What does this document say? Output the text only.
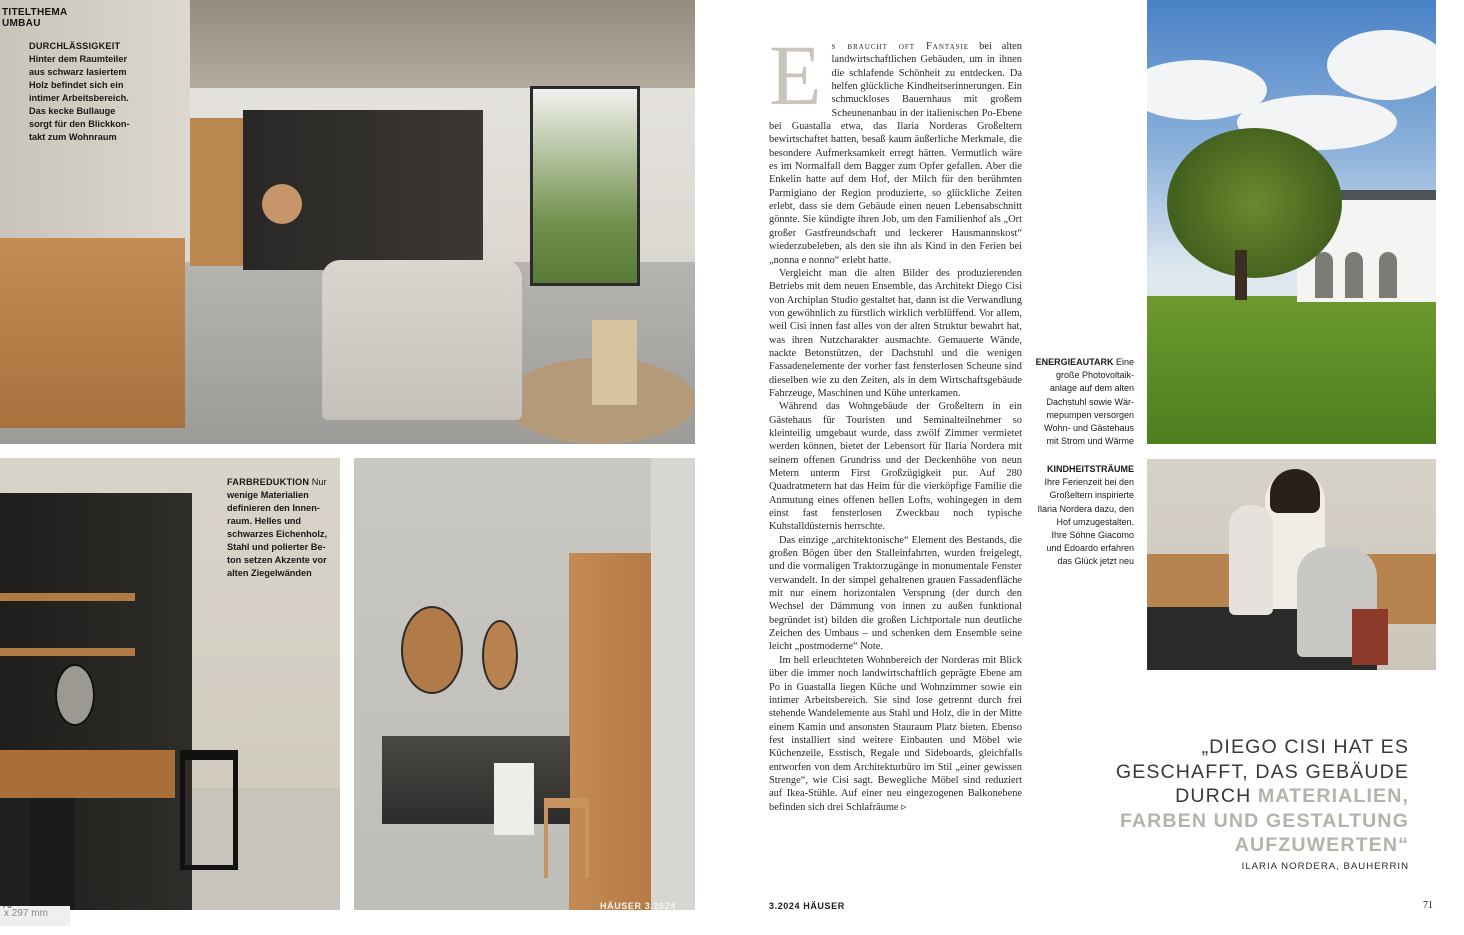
TITELTHEMA
UMBAU
DURCHLÄSSIGKEIT
Hinter dem Raumteiler
aus schwarz lasiertem
Holz befindet sich ein
intimer Arbeitsbereich.
Das kecke Bullauge
sorgt für den Blickkon-
takt zum Wohnraum
FARBREDUKTION Nur
wenige Materialien
definieren den Innen-
raum. Helles und
schwarzes Eichenholz,
Stahl und polierter Be-
ton setzen Akzente vor
alten Ziegelwänden
x 297 mm
70	HÄUSER 3.2024

Es braucht oft Fantasie bei alten landwirtschaftlichen Gebäuden, um in ihnen die schlafende Schönheit zu entdecken. Da helfen glückliche Kindheitserinnerungen. Ein schmuckloses Bauernhaus mit großem Scheunenanbau in der italienischen Po-Ebene bei Guastalla etwa, das Ilaria Norderas Großeltern bewirtschaftet hatten, besaß kaum äußerliche Merkmale, die besondere Aufmerksamkeit erregt hätten. Vermutlich wäre es im Normalfall dem Bagger zum Opfer gefallen. Aber die Enkelin hatte auf dem Hof, der Milch für den berühmten Parmigiano der Region produzierte, so glückliche Zeiten erlebt, dass sie dem Gebäude einen neuen Lebensabschnitt gönnte. Sie kündigte ihren Job, um den Familienhof als „Ort großer Gastfreundschaft und leckerer Hausmannskost“ wiederzubeleben, als den sie ihn als Kind in den Ferien bei „nonna e nonno“ erlebt hatte.

Vergleicht man die alten Bilder des produzierenden Betriebs mit dem neuen Ensemble, das Architekt Diego Cisi von Archiplan Studio gestaltet hat, dann ist die Verwandlung von gewöhnlich zu fürstlich wirklich verblüffend. Vor allem, weil Cisi innen fast alles von der alten Struktur bewahrt hat, was ihren Nutzcharakter ausmachte. Gemauerte Wände, nackte Betonstützen, der Dachstuhl und die wenigen Fassadenelemente der vorher fast fensterlosen Scheune sind dieselben wie zu den Zeiten, als in dem Wirtschaftsgebäude Fahrzeuge, Maschinen und Kühe unterkamen.

Während das Wohngebäude der Großeltern in ein Gästehaus für Touristen und Seminalteilnehmer so kleinteilig umgebaut wurde, dass zwölf Zimmer vermietet werden können, bietet der Lebensort für Ilaria Nordera mit seinem offenen Grundriss und der Deckenhöhe von neun Metern unterm First Großzügigkeit pur. Auf 280 Quadratmetern hat das Heim für die vierköpfige Familie die Anmutung eines offenen hellen Lofts, wohingegen in dem einst fast fensterlosen Zweckbau noch typische Kuhstalldüsternis herrschte.

Das einzige „architektonische“ Element des Bestands, die großen Bögen über den Stalleinfahrten, wurden freigelegt, und die vormaligen Traktorzugänge in monumentale Fenster verwandelt. In der simpel gehaltenen grauen Fassadenfläche mit nur einem horizontalen Versprung (der durch den Wechsel der Dämmung von innen zu außen funktional begründet ist) bilden die großen Lichtportale nun deutliche Zeichen des Umbaus – und schenken dem Ensemble seine leicht „postmoderne“ Note.

Im hell erleuchteten Wohnbereich der Norderas mit Blick über die immer noch landwirtschaftlich geprägte Ebene am Po in Guastalla liegen Küche und Wohnzimmer sowie ein intimer Arbeitsbereich. Sie sind lose getrennt durch frei stehende Wandelemente aus Stahl und Holz, die in der Mitte einem Kamin und ansonsten Stauraum Platz bieten. Ebenso fest installiert sind weitere Einbauten und Möbel wie Küchenzeile, Esstisch, Regale und Sideboards, gleichfalls entworfen von dem Architekturbüro im Stil „einer gewissen Strenge“, wie Cisi sagt. Bewegliche Möbel sind reduziert auf Ikea-Stühle. Auf einer neu eingezogenen Balkonebene befinden sich drei Schlafräume ▹

ENERGIEAUTARK Eine
große Photovoltaik-
anlage auf dem alten
Dachstuhl sowie Wär-
mepumpen versorgen
Wohn- und Gästehaus
mit Strom und Wärme
KINDHEITSTRÄUME
Ihre Ferienzeit bei den
Großeltern inspirierte
Ilaria Nordera dazu, den
Hof umzugestalten.
Ihre Söhne Giacomo
und Edoardo erfahren
das Glück jetzt neu
„DIEGO CISI HAT ES GESCHAFFT, DAS GEBÄUDE DURCH MATERIALIEN, FARBEN UND GESTALTUNG AUFZUWERTEN“
ILARIA NORDERA, BAUHERRIN
3.2024 HÄUSER	71
